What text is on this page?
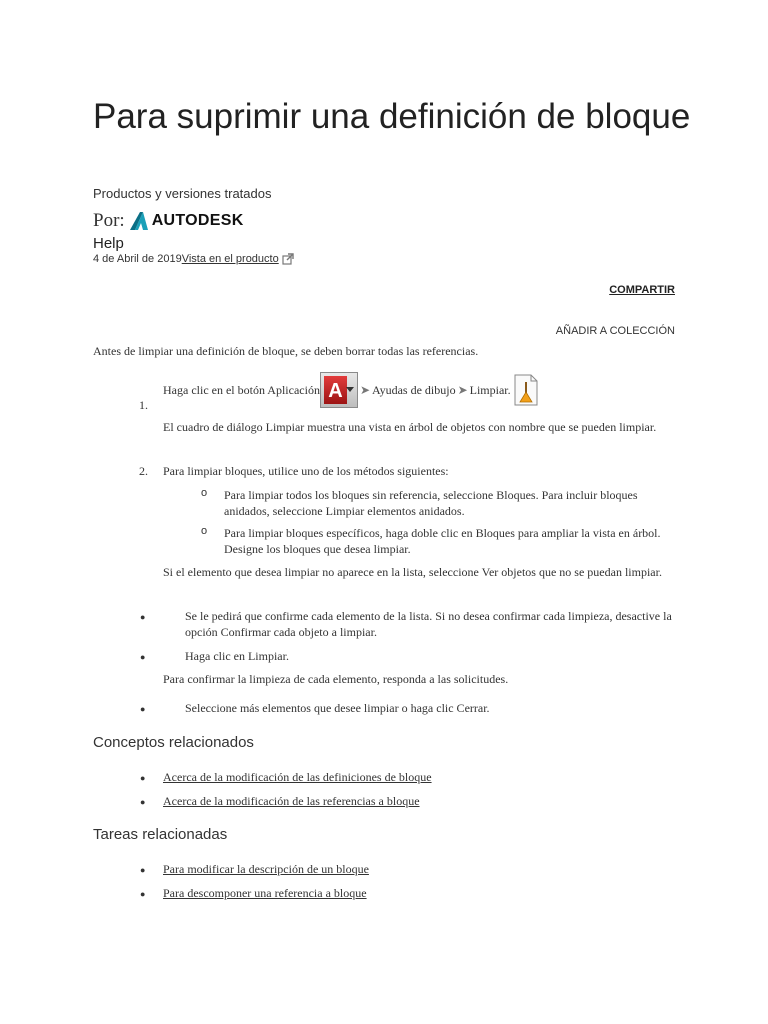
Para suprimir una definición de bloque
Productos y versiones tratados
Por: AUTODESK
Help
4 de Abril de 2019 Vista en el producto
COMPARTIR
AÑADIR A COLECCIÓN
Antes de limpiar una definición de bloque, se deben borrar todas las referencias.
1.
Haga clic en el botón Aplicación A ➤ Ayudas de dibujo ➤ Limpiar.
El cuadro de diálogo Limpiar muestra una vista en árbol de objetos con nombre que se pueden limpiar.
2.	Para limpiar bloques, utilice uno de los métodos siguientes:
o Para limpiar todos los bloques sin referencia, seleccione Bloques. Para incluir bloques anidados, seleccione Limpiar elementos anidados.
o Para limpiar bloques específicos, haga doble clic en Bloques para ampliar la vista en árbol. Designe los bloques que desea limpiar.
Si el elemento que desea limpiar no aparece en la lista, seleccione Ver objetos que no se puedan limpiar.
●	Se le pedirá que confirme cada elemento de la lista. Si no desea confirmar cada limpieza, desactive la opción Confirmar cada objeto a limpiar.
●	Haga clic en Limpiar.
Para confirmar la limpieza de cada elemento, responda a las solicitudes.
●	Seleccione más elementos que desee limpiar o haga clic Cerrar.
Conceptos relacionados
● Acerca de la modificación de las definiciones de bloque
● Acerca de la modificación de las referencias a bloque
Tareas relacionadas
● Para modificar la descripción de un bloque
● Para descomponer una referencia a bloque
